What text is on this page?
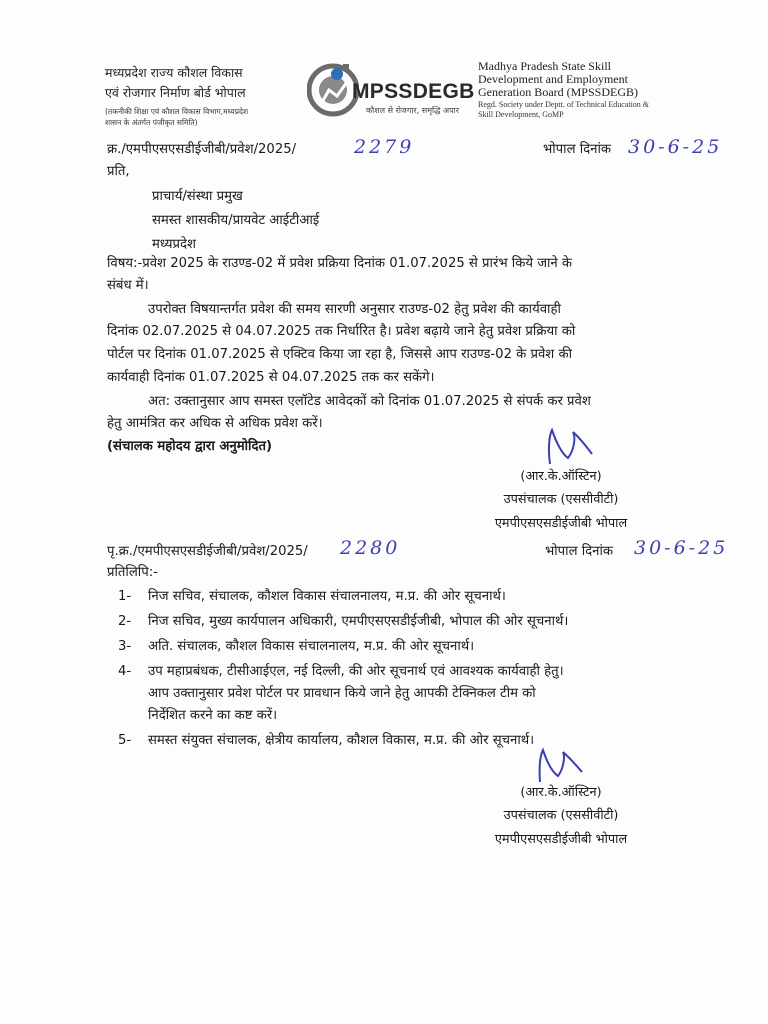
मध्यप्रदेश राज्य कौशल विकास
एवं रोजगार निर्माण बोर्ड भोपाल
(तकनीकी शिक्षा एवं कौशल विकास विभाग,मध्यप्रदेश
शासन के अंतर्गत पंजीकृत समिति)
MPSSDEGB
कौशल से रोजगार, समृद्धि अपार
Madhya Pradesh State Skill
Development and Employment
Generation Board (MPSSDEGB)
Regd. Society under Deptt. of Technical Education &
Skill Development, GoMP
क्र./एमपीएसएसडीईजीबी/प्रवेश/2025/	2279	भोपाल दिनांक 30-6-25
प्रति,
प्राचार्य/संस्था प्रमुख
समस्त शासकीय/प्रायवेट आईटीआई
मध्यप्रदेश
विषय:-प्रवेश 2025 के राउण्ड-02 में प्रवेश प्रक्रिया दिनांक 01.07.2025 से प्रारंभ किये जाने के
संबंध में।
उपरोक्त विषयान्तर्गत प्रवेश की समय सारणी अनुसार राउण्ड-02 हेतु प्रवेश की कार्यवाही
दिनांक 02.07.2025 से 04.07.2025 तक निर्धारित है। प्रवेश बढ़ाये जाने हेतु प्रवेश प्रक्रिया को
पोर्टल पर दिनांक 01.07.2025 से एक्टिव किया जा रहा है, जिससे आप राउण्ड-02 के प्रवेश की
कार्यवाही दिनांक 01.07.2025 से 04.07.2025 तक कर सकेंगे।
अत: उक्तानुसार आप समस्त एलॉटेड आवेदकों को दिनांक 01.07.2025 से संपर्क कर प्रवेश
हेतु आमंत्रित कर अधिक से अधिक प्रवेश करें।
(संचालक महोदय द्वारा अनुमोदित)
(आर.के.ऑस्टिन)
उपसंचालक (एससीवीटी)
एमपीएसएसडीईजीबी भोपाल
पृ.क्र./एमपीएसएसडीईजीबी/प्रवेश/2025/ 2280	भोपाल दिनांक 30-6-25
प्रतिलिपि:-
1- निज सचिव, संचालक, कौशल विकास संचालनालय, म.प्र. की ओर सूचनार्थ।
2- निज सचिव, मुख्य कार्यपालन अधिकारी, एमपीएसएसडीईजीबी, भोपाल की ओर सूचनार्थ।
3- अति. संचालक, कौशल विकास संचालनालय, म.प्र. की ओर सूचनार्थ।
4- उप महाप्रबंधक, टीसीआईएल, नई दिल्ली, की ओर सूचनार्थ एवं आवश्यक कार्यवाही हेतु।
आप उक्तानुसार प्रवेश पोर्टल पर प्रावधान किये जाने हेतु आपकी टेक्निकल टीम को
निर्देशित करने का कष्ट करें।
5- समस्त संयुक्त संचालक, क्षेत्रीय कार्यालय, कौशल विकास, म.प्र. की ओर सूचनार्थ।
(आर.के.ऑस्टिन)
उपसंचालक (एससीवीटी)
एमपीएसएसडीईजीबी भोपाल
